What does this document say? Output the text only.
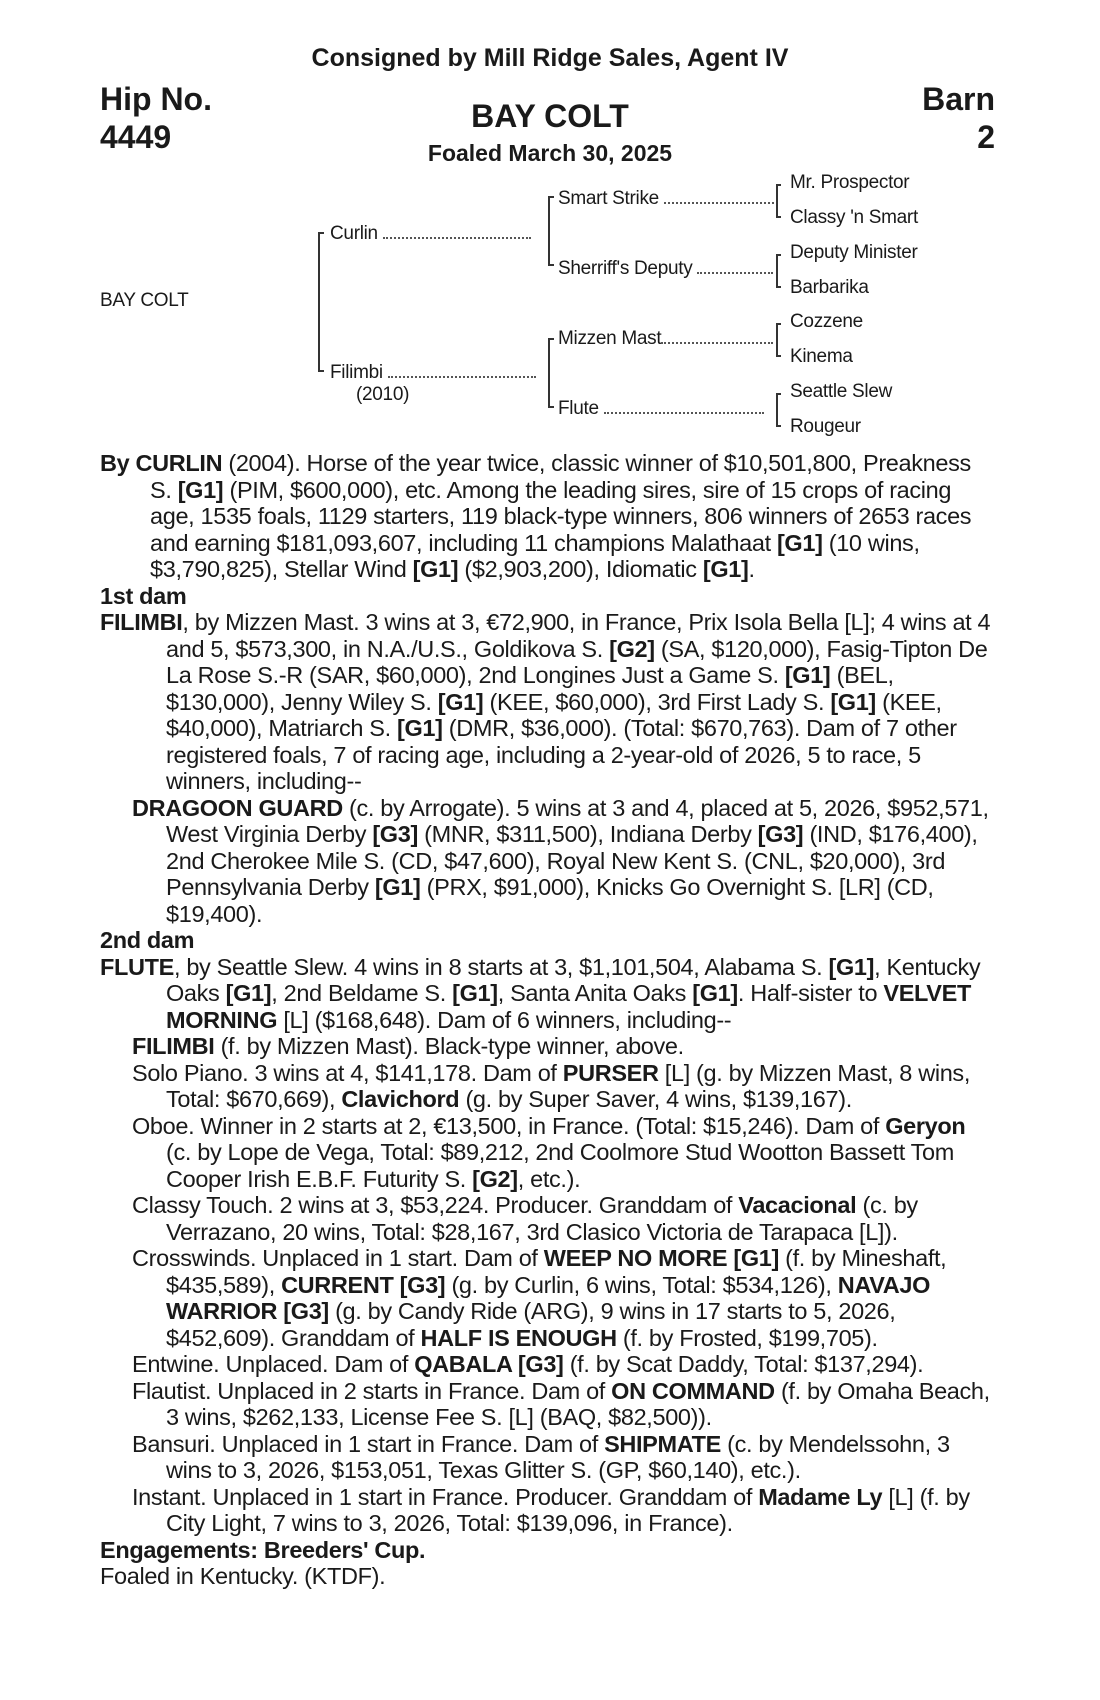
Consigned by Mill Ridge Sales, Agent IV
Hip No.
4449
Barn
2
BAY COLT
Foaled March 30, 2025
BAY COLT
Curlin
Filimbi
(2010)
Smart Strike
Sherriff's Deputy
Mizzen Mast
Flute
Mr. Prospector
Classy 'n Smart
Deputy Minister
Barbarika
Cozzene
Kinema
Seattle Slew
Rougeur

By CURLIN (2004). Horse of the year twice, classic winner of $10,501,800, Preakness S. [G1] (PIM, $600,000), etc. Among the leading sires, sire of 15 crops of racing age, 1535 foals, 1129 starters, 119 black-type winners, 806 winners of 2653 races and earning $181,093,607, including 11 champions Malathaat [G1] (10 wins, $3,790,825), Stellar Wind [G1] ($2,903,200), Idiomatic [G1].

1st dam

FILIMBI, by Mizzen Mast. 3 wins at 3, €72,900, in France, Prix Isola Bella [L]; 4 wins at 4 and 5, $573,300, in N.A./U.S., Goldikova S. [G2] (SA, $120,000), Fasig-Tipton De La Rose S.-R (SAR, $60,000), 2nd Longines Just a Game S. [G1] (BEL, $130,000), Jenny Wiley S. [G1] (KEE, $60,000), 3rd First Lady S. [G1] (KEE, $40,000), Matriarch S. [G1] (DMR, $36,000). (Total: $670,763). Dam of 7 other registered foals, 7 of racing age, including a 2-year-old of 2026, 5 to race, 5 winners, including--

DRAGOON GUARD (c. by Arrogate). 5 wins at 3 and 4, placed at 5, 2026, $952,571, West Virginia Derby [G3] (MNR, $311,500), Indiana Derby [G3] (IND, $176,400), 2nd Cherokee Mile S. (CD, $47,600), Royal New Kent S. (CNL, $20,000), 3rd Pennsylvania Derby [G1] (PRX, $91,000), Knicks Go Overnight S. [LR] (CD, $19,400).

2nd dam

FLUTE, by Seattle Slew. 4 wins in 8 starts at 3, $1,101,504, Alabama S. [G1], Kentucky Oaks [G1], 2nd Beldame S. [G1], Santa Anita Oaks [G1]. Half-sister to VELVET MORNING [L] ($168,648). Dam of 6 winners, including--

FILIMBI (f. by Mizzen Mast). Black-type winner, above.

Solo Piano. 3 wins at 4, $141,178. Dam of PURSER [L] (g. by Mizzen Mast, 8 wins, Total: $670,669), Clavichord (g. by Super Saver, 4 wins, $139,167).

Oboe. Winner in 2 starts at 2, €13,500, in France. (Total: $15,246). Dam of Geryon (c. by Lope de Vega, Total: $89,212, 2nd Coolmore Stud Wootton Bassett Tom Cooper Irish E.B.F. Futurity S. [G2], etc.).

Classy Touch. 2 wins at 3, $53,224. Producer. Granddam of Vacacional (c. by Verrazano, 20 wins, Total: $28,167, 3rd Clasico Victoria de Tarapaca [L]).

Crosswinds. Unplaced in 1 start. Dam of WEEP NO MORE [G1] (f. by Mineshaft, $435,589), CURRENT [G3] (g. by Curlin, 6 wins, Total: $534,126), NAVAJO WARRIOR [G3] (g. by Candy Ride (ARG), 9 wins in 17 starts to 5, 2026, $452,609). Granddam of HALF IS ENOUGH (f. by Frosted, $199,705).

Entwine. Unplaced. Dam of QABALA [G3] (f. by Scat Daddy, Total: $137,294).

Flautist. Unplaced in 2 starts in France. Dam of ON COMMAND (f. by Omaha Beach, 3 wins, $262,133, License Fee S. [L] (BAQ, $82,500)).

Bansuri. Unplaced in 1 start in France. Dam of SHIPMATE (c. by Mendelssohn, 3 wins to 3, 2026, $153,051, Texas Glitter S. (GP, $60,140), etc.).

Instant. Unplaced in 1 start in France. Producer. Granddam of Madame Ly [L] (f. by City Light, 7 wins to 3, 2026, Total: $139,096, in France).

Engagements: Breeders' Cup.

Foaled in Kentucky. (KTDF).
